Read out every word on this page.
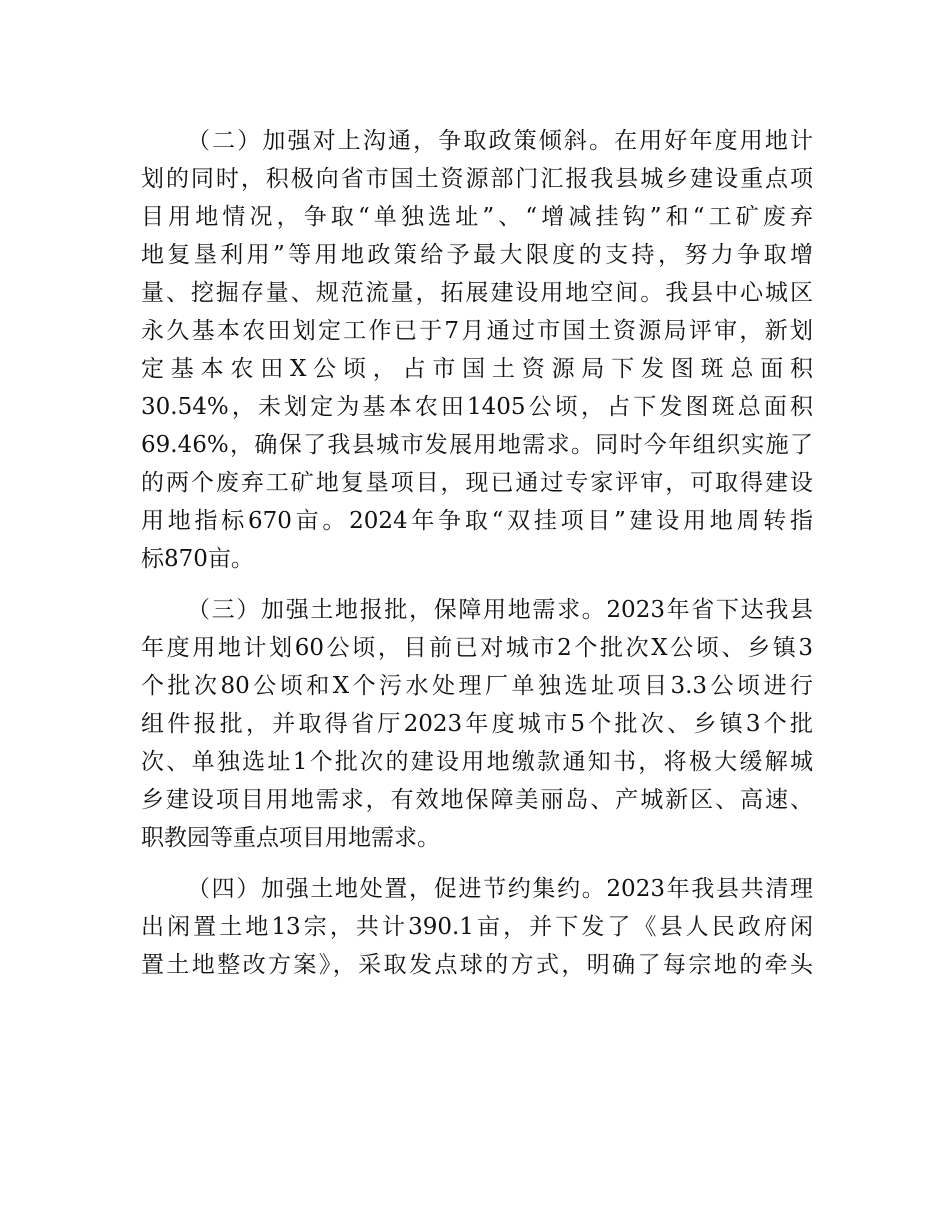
（二）加强对上沟通，争取政策倾斜。在用好年度用地计
划的同时，积极向省市国土资源部门汇报我县城乡建设重点项
目用地情况，争取“单独选址”、“增减挂钩”和“工矿废弃
地复垦利用”等用地政策给予最大限度的支持，努力争取增
量、挖掘存量、规范流量，拓展建设用地空间。我县中心城区
永久基本农田划定工作已于7月通过市国土资源局评审，新划
定基本农田X公顷，占市国土资源局下发图斑总面积
30.54%，未划定为基本农田1405公顷，占下发图斑总面积
69.46%，确保了我县城市发展用地需求。同时今年组织实施了
的两个废弃工矿地复垦项目，现已通过专家评审，可取得建设
用地指标670亩。2024年争取“双挂项目”建设用地周转指
标870亩。
（三）加强土地报批，保障用地需求。2023年省下达我县
年度用地计划60公顷，目前已对城市2个批次X公顷、乡镇3
个批次80公顷和X个污水处理厂单独选址项目3.3公顷进行
组件报批，并取得省厅2023年度城市5个批次、乡镇3个批
次、单独选址1个批次的建设用地缴款通知书，将极大缓解城
乡建设项目用地需求，有效地保障美丽岛、产城新区、高速、
职教园等重点项目用地需求。
（四）加强土地处置，促进节约集约。2023年我县共清理
出闲置土地13宗，共计390.1亩，并下发了《县人民政府闲
置土地整改方案》，采取发点球的方式，明确了每宗地的牵头
